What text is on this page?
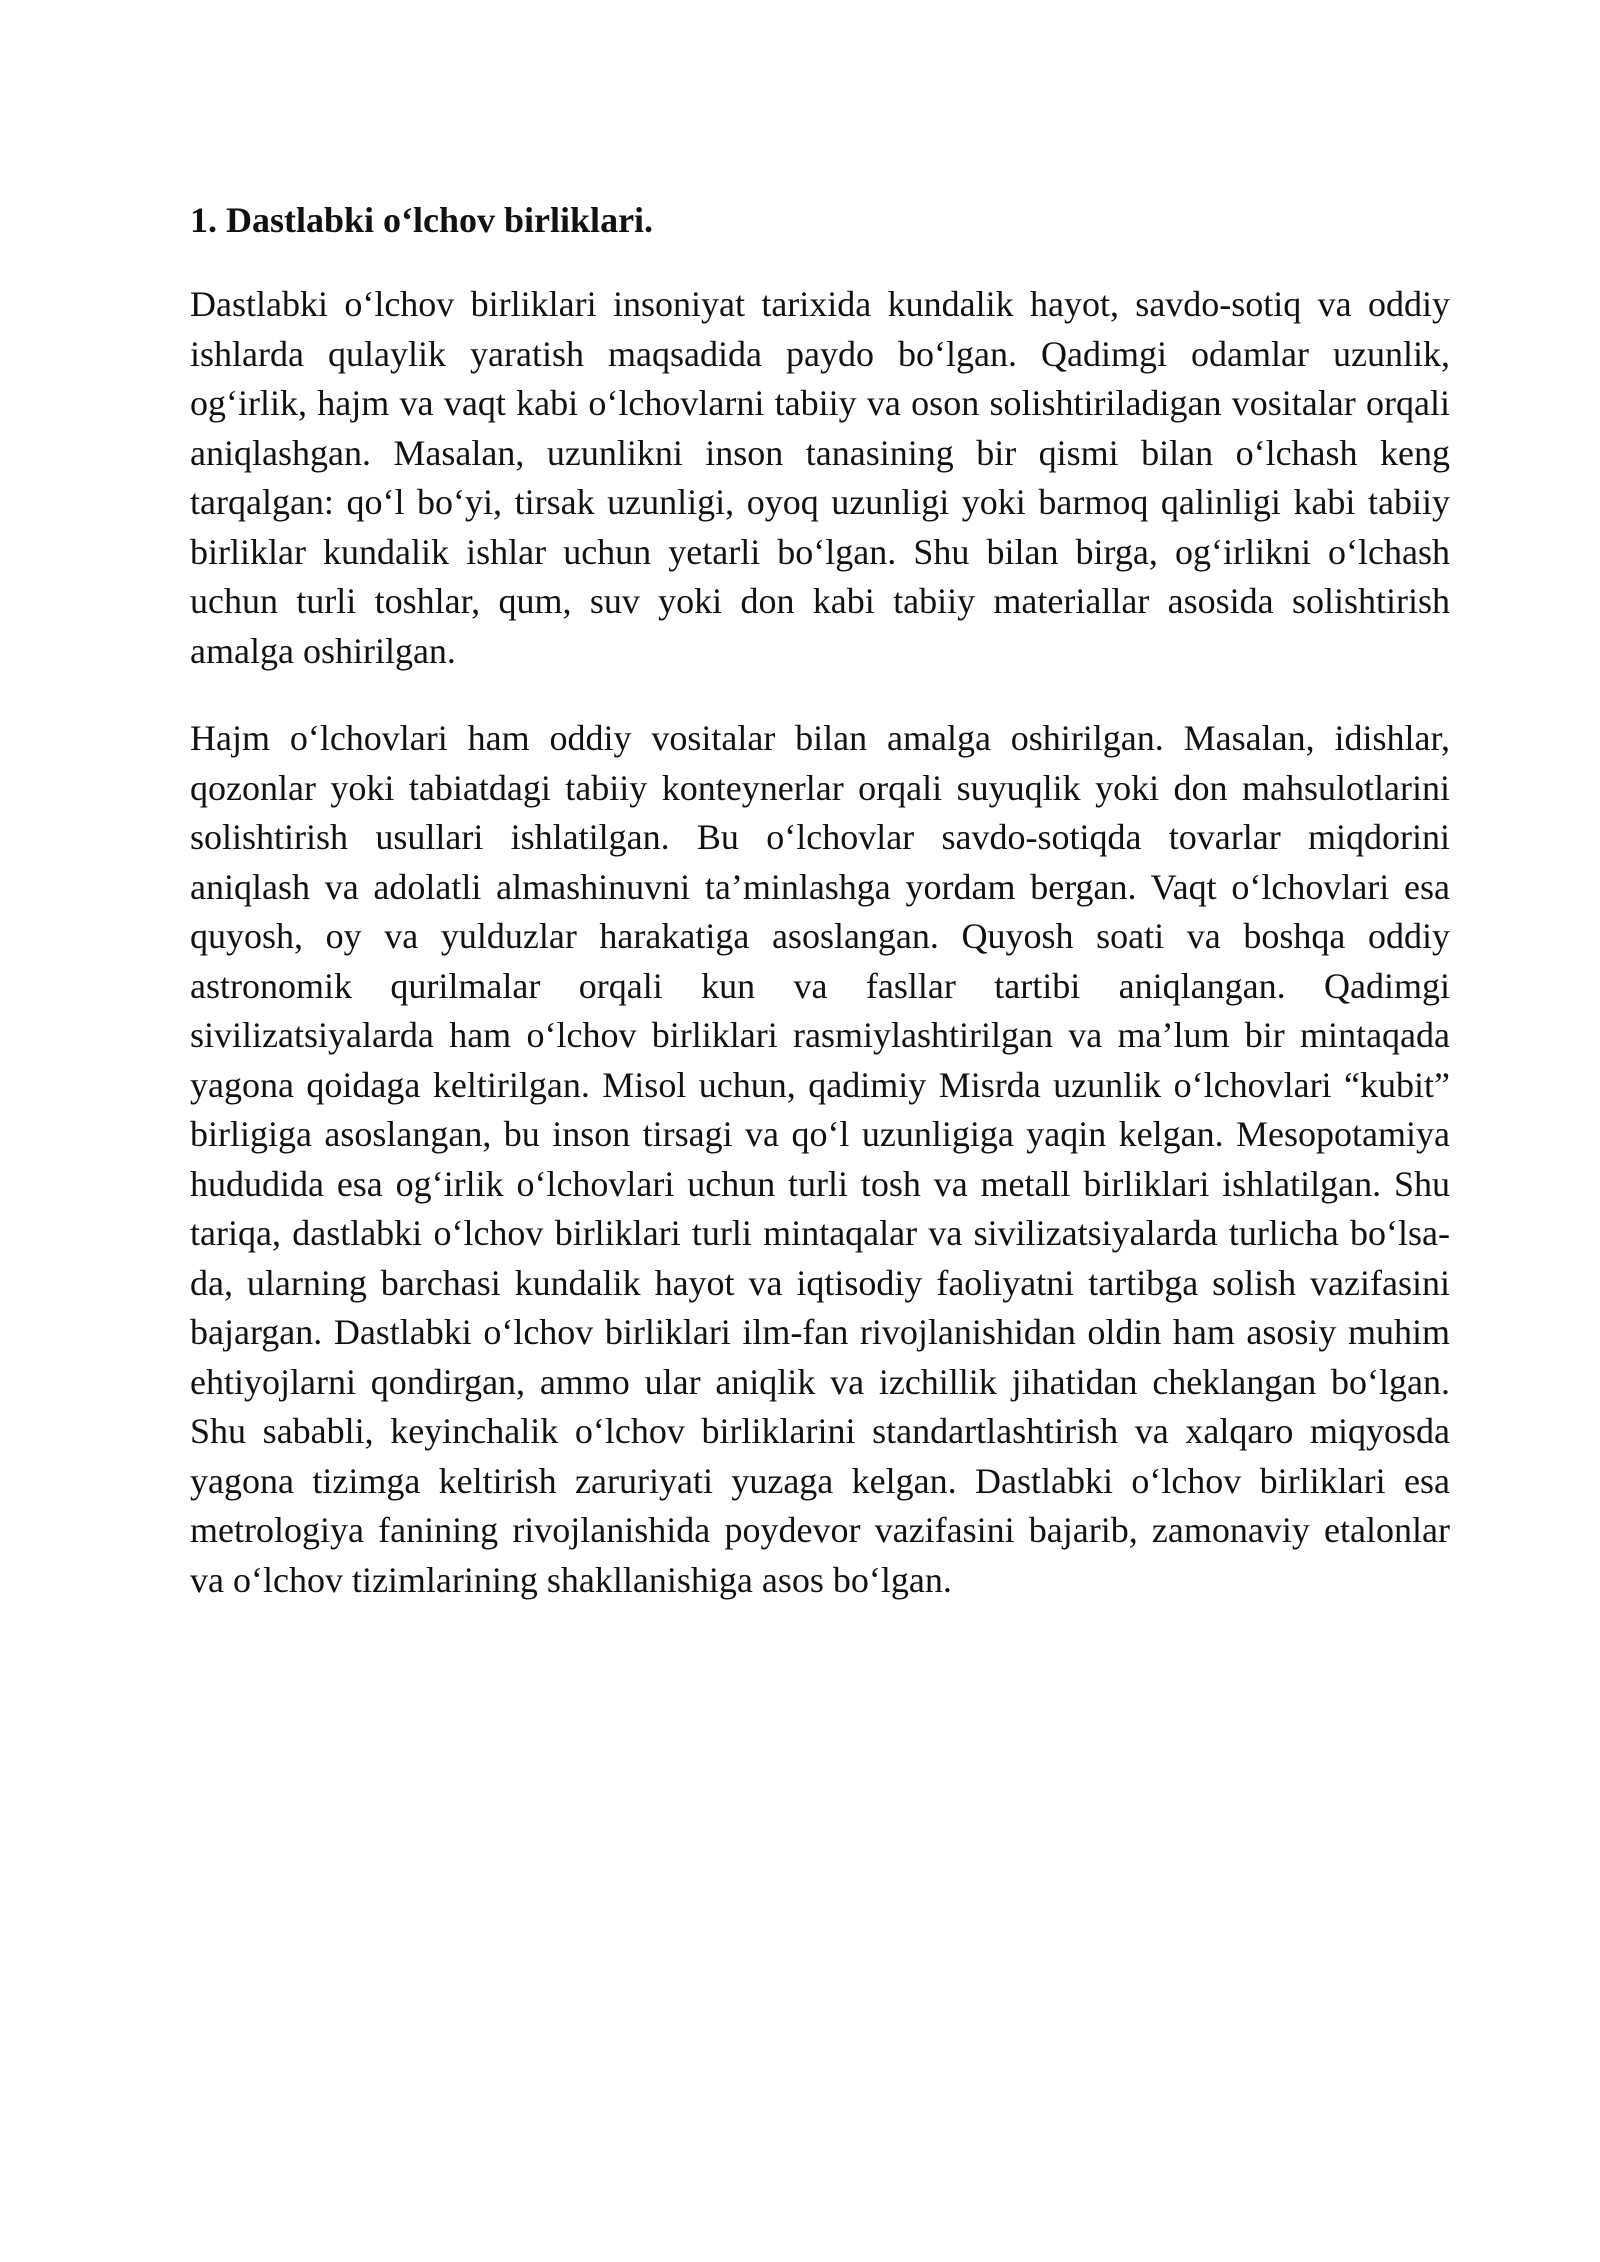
1. Dastlabki o‘lchov birliklari.

Dastlabki o‘lchov birliklari insoniyat tarixida kundalik hayot, savdo-sotiq va oddiy ishlarda qulaylik yaratish maqsadida paydo bo‘lgan. Qadimgi odamlar uzunlik, og‘irlik, hajm va vaqt kabi o‘lchovlarni tabiiy va oson solishtiriladigan vositalar orqali aniqlashgan. Masalan, uzunlikni inson tanasining bir qismi bilan o‘lchash keng tarqalgan: qo‘l bo‘yi, tirsak uzunligi, oyoq uzunligi yoki barmoq qalinligi kabi tabiiy birliklar kundalik ishlar uchun yetarli bo‘lgan. Shu bilan birga, og‘irlikni o‘lchash uchun turli toshlar, qum, suv yoki don kabi tabiiy materiallar asosida solishtirish amalga oshirilgan.

Hajm o‘lchovlari ham oddiy vositalar bilan amalga oshirilgan. Masalan, idishlar, qozonlar yoki tabiatdagi tabiiy konteynerlar orqali suyuqlik yoki don mahsulotlarini solishtirish usullari ishlatilgan. Bu o‘lchovlar savdo-sotiqda tovarlar miqdorini aniqlash va adolatli almashinuvni ta’minlashga yordam bergan. Vaqt o‘lchovlari esa quyosh, oy va yulduzlar harakatiga asoslangan. Quyosh soati va boshqa oddiy astronomik qurilmalar orqali kun va fasllar tartibi aniqlangan. Qadimgi sivilizatsiyalarda ham o‘lchov birliklari rasmiylashtirilgan va ma’lum bir mintaqada yagona qoidaga keltirilgan. Misol uchun, qadimiy Misrda uzunlik o‘lchovlari “kubit” birligiga asoslangan, bu inson tirsagi va qo‘l uzunligiga yaqin kelgan. Mesopotamiya hududida esa og‘irlik o‘lchovlari uchun turli tosh va metall birliklari ishlatilgan. Shu tariqa, dastlabki o‘lchov birliklari turli mintaqalar va sivilizatsiyalarda turlicha bo‘lsa-da, ularning barchasi kundalik hayot va iqtisodiy faoliyatni tartibga solish vazifasini bajargan. Dastlabki o‘lchov birliklari ilm-fan rivojlanishidan oldin ham asosiy muhim ehtiyojlarni qondirgan, ammo ular aniqlik va izchillik jihatidan cheklangan bo‘lgan. Shu sababli, keyinchalik o‘lchov birliklarini standartlashtirish va xalqaro miqyosda yagona tizimga keltirish zaruriyati yuzaga kelgan. Dastlabki o‘lchov birliklari esa metrologiya fanining rivojlanishida poydevor vazifasini bajarib, zamonaviy etalonlar va o‘lchov tizimlarining shakllanishiga asos bo‘lgan.
